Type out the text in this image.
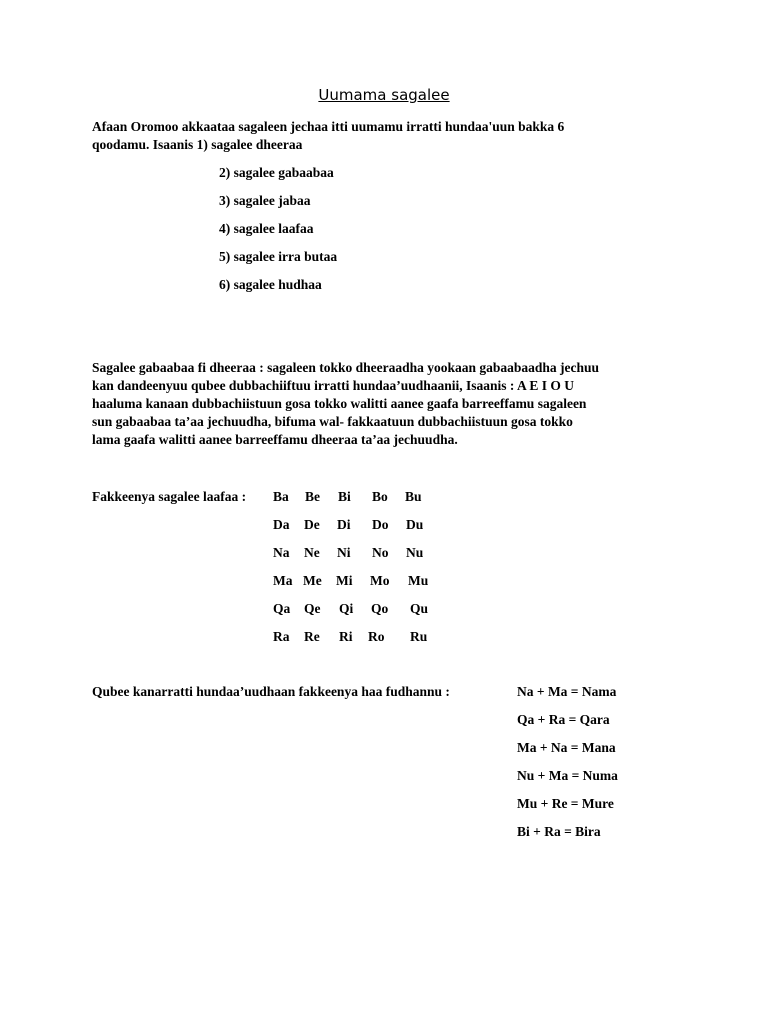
Uumama sagalee
Afaan Oromoo akkaataa sagaleen jechaa itti uumamu irratti hundaa'uun bakka 6
qoodamu. Isaanis 1) sagalee dheeraa
2) sagalee gabaabaa
3) sagalee jabaa
4) sagalee laafaa
5) sagalee irra butaa
6) sagalee hudhaa
Sagalee gabaabaa fi dheeraa : sagaleen tokko dheeraadha yookaan gabaabaadha jechuu
kan dandeenyuu qubee dubbachiiftuu irratti hundaa’uudhaanii, Isaanis : A E I O U
haaluma kanaan dubbachiistuun gosa tokko walitti aanee gaafa barreeffamu sagaleen
sun gabaabaa ta’aa jechuudha, bifuma wal- fakkaatuun dubbachiistuun gosa tokko
lama gaafa walitti aanee barreeffamu dheeraa ta’aa jechuudha.
Fakkeenya sagalee laafaa : Ba Be Bi Bo Bu
Da De Di Do Du
Na Ne Ni No Nu
Ma Me Mi Mo Mu
Qa Qe Qi Qo Qu
Ra Re Ri Ro Ru
Qubee kanarratti hundaa’uudhaan fakkeenya haa fudhannu :	Na + Ma = Nama
Qa + Ra = Qara
Ma + Na = Mana
Nu + Ma = Numa
Mu + Re = Mure
Bi + Ra = Bira
